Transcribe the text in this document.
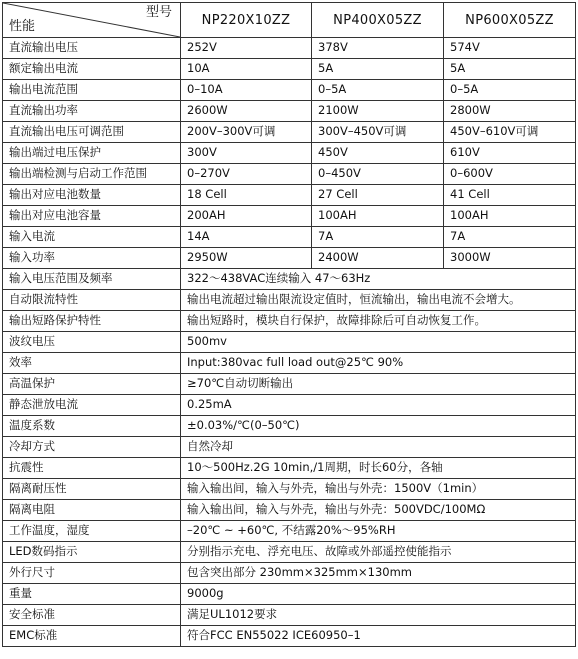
型号
性能	NP220X10ZZ	NP400X05ZZ	NP600X05ZZ
直流输出电压	252V	378V	574V
额定输出电流	10A	5A	5A
输出电流范围	0–10A	0–5A	0–5A
直流输出功率	2600W	2100W	2800W
直流输出电压可调范围	200V–300V可调	300V–450V可调	450V–610V可调
输出端过电压保护	300V	450V	610V
输出端检测与启动工作范围	0–270V	0–450V	0–600V
输出对应电池数量	18 Cell	27 Cell	41 Cell
输出对应电池容量	200AH	100AH	100AH
输入电流	14A	7A	7A
输入功率	2950W	2400W	3000W
输入电压范围及频率	322～438VAC连续输入 47～63Hz		
自动限流特性	输出电流超过输出限流设定值时，恒流输出，输出电流不会增大。		
输出短路保护特性	输出短路时，模块自行保护，故障排除后可自动恢复工作。		
波纹电压	500mv		
效率	Input:380vac full load out@25℃ 90%		
高温保护	≥70℃自动切断输出		
静态泄放电流	0.25mA		
温度系数	±0.03%/℃(0–50℃)		
冷却方式	自然冷却		
抗震性	10～500Hz.2G 10min,/1周期，时长60分，各轴		
隔离耐压性	输入输出间，输入与外壳，输出与外壳：1500V（1min）		
隔离电阻	输入输出间，输入与外壳，输出与外壳：500VDC/100MΩ		
工作温度，湿度	–20℃ ~ +60℃, 不结露20%～95%RH		
LED数码指示	分别指示充电、浮充电压、故障或外部遥控使能指示		
外行尺寸	包含突出部分 230mm×325mm×130mm		
重量	9000g		
安全标准	满足UL1012要求		
EMC标准	符合FCC EN55022 ICE60950–1		
